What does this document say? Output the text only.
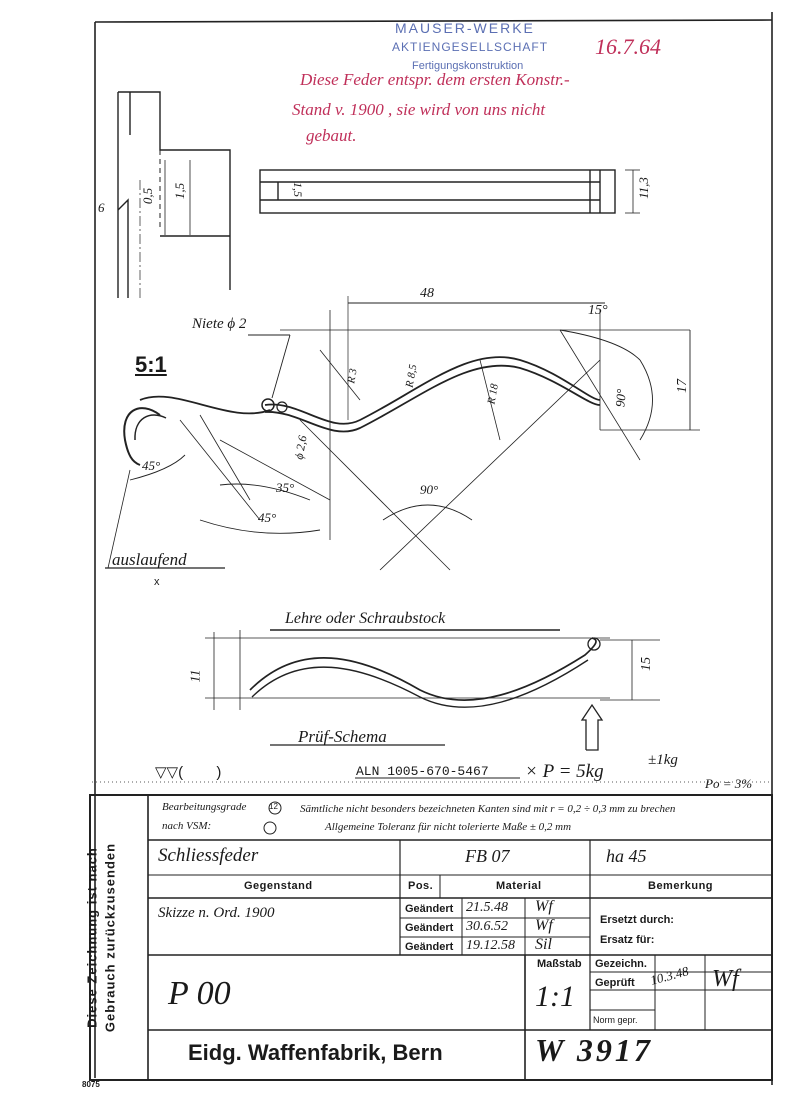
MAUSER-WERKE
AKTIENGESELLSCHAFT
Fertigungskonstruktion
16.7.64
Diese Feder entspr. dem ersten Konstr.-
Stand v. 1900 , sie wird von uns nicht
gebaut.
0,5 1,5
6
1,5	11,3
Niete ϕ 2
5:1
48
15°
R 3	R 8,5
R 18	90°
17
ϕ 2,6
45°
35°	90°
45°
auslaufend
x
Lehre oder Schraubstock
11
15
Prüf-Schema
▽▽(        )	ALN 1005-670-5467 × P = 5kg
±1kg
Po = 3%
Diese Zeichnung ist nach Gebrauch zurückzusenden
Bearbeitungsgrade
nach VSM:
12 Sämtliche nicht besonders bezeichneten Kanten sind mit r = 0,2 ÷ 0,3 mm zu brechen
Allgemeine Toleranz für nicht tolerierte Maße ± 0,2 mm
Schliessfeder	FB 07	ha 45
Gegenstand	Pos.	Material	Bemerkung
Skizze n. Ord. 1900	Geändert 21.5.48 Wf
Geändert 30.6.52 Wf
Geändert 19.12.58 Sil
Ersetzt durch:
Ersatz für:
P 00
Maßstab
1:1
Gezeichn.
Geprüft 10.3.48 Wf
Norm gepr.
Eidg. Waffenfabrik, Bern	W 3917
8075
